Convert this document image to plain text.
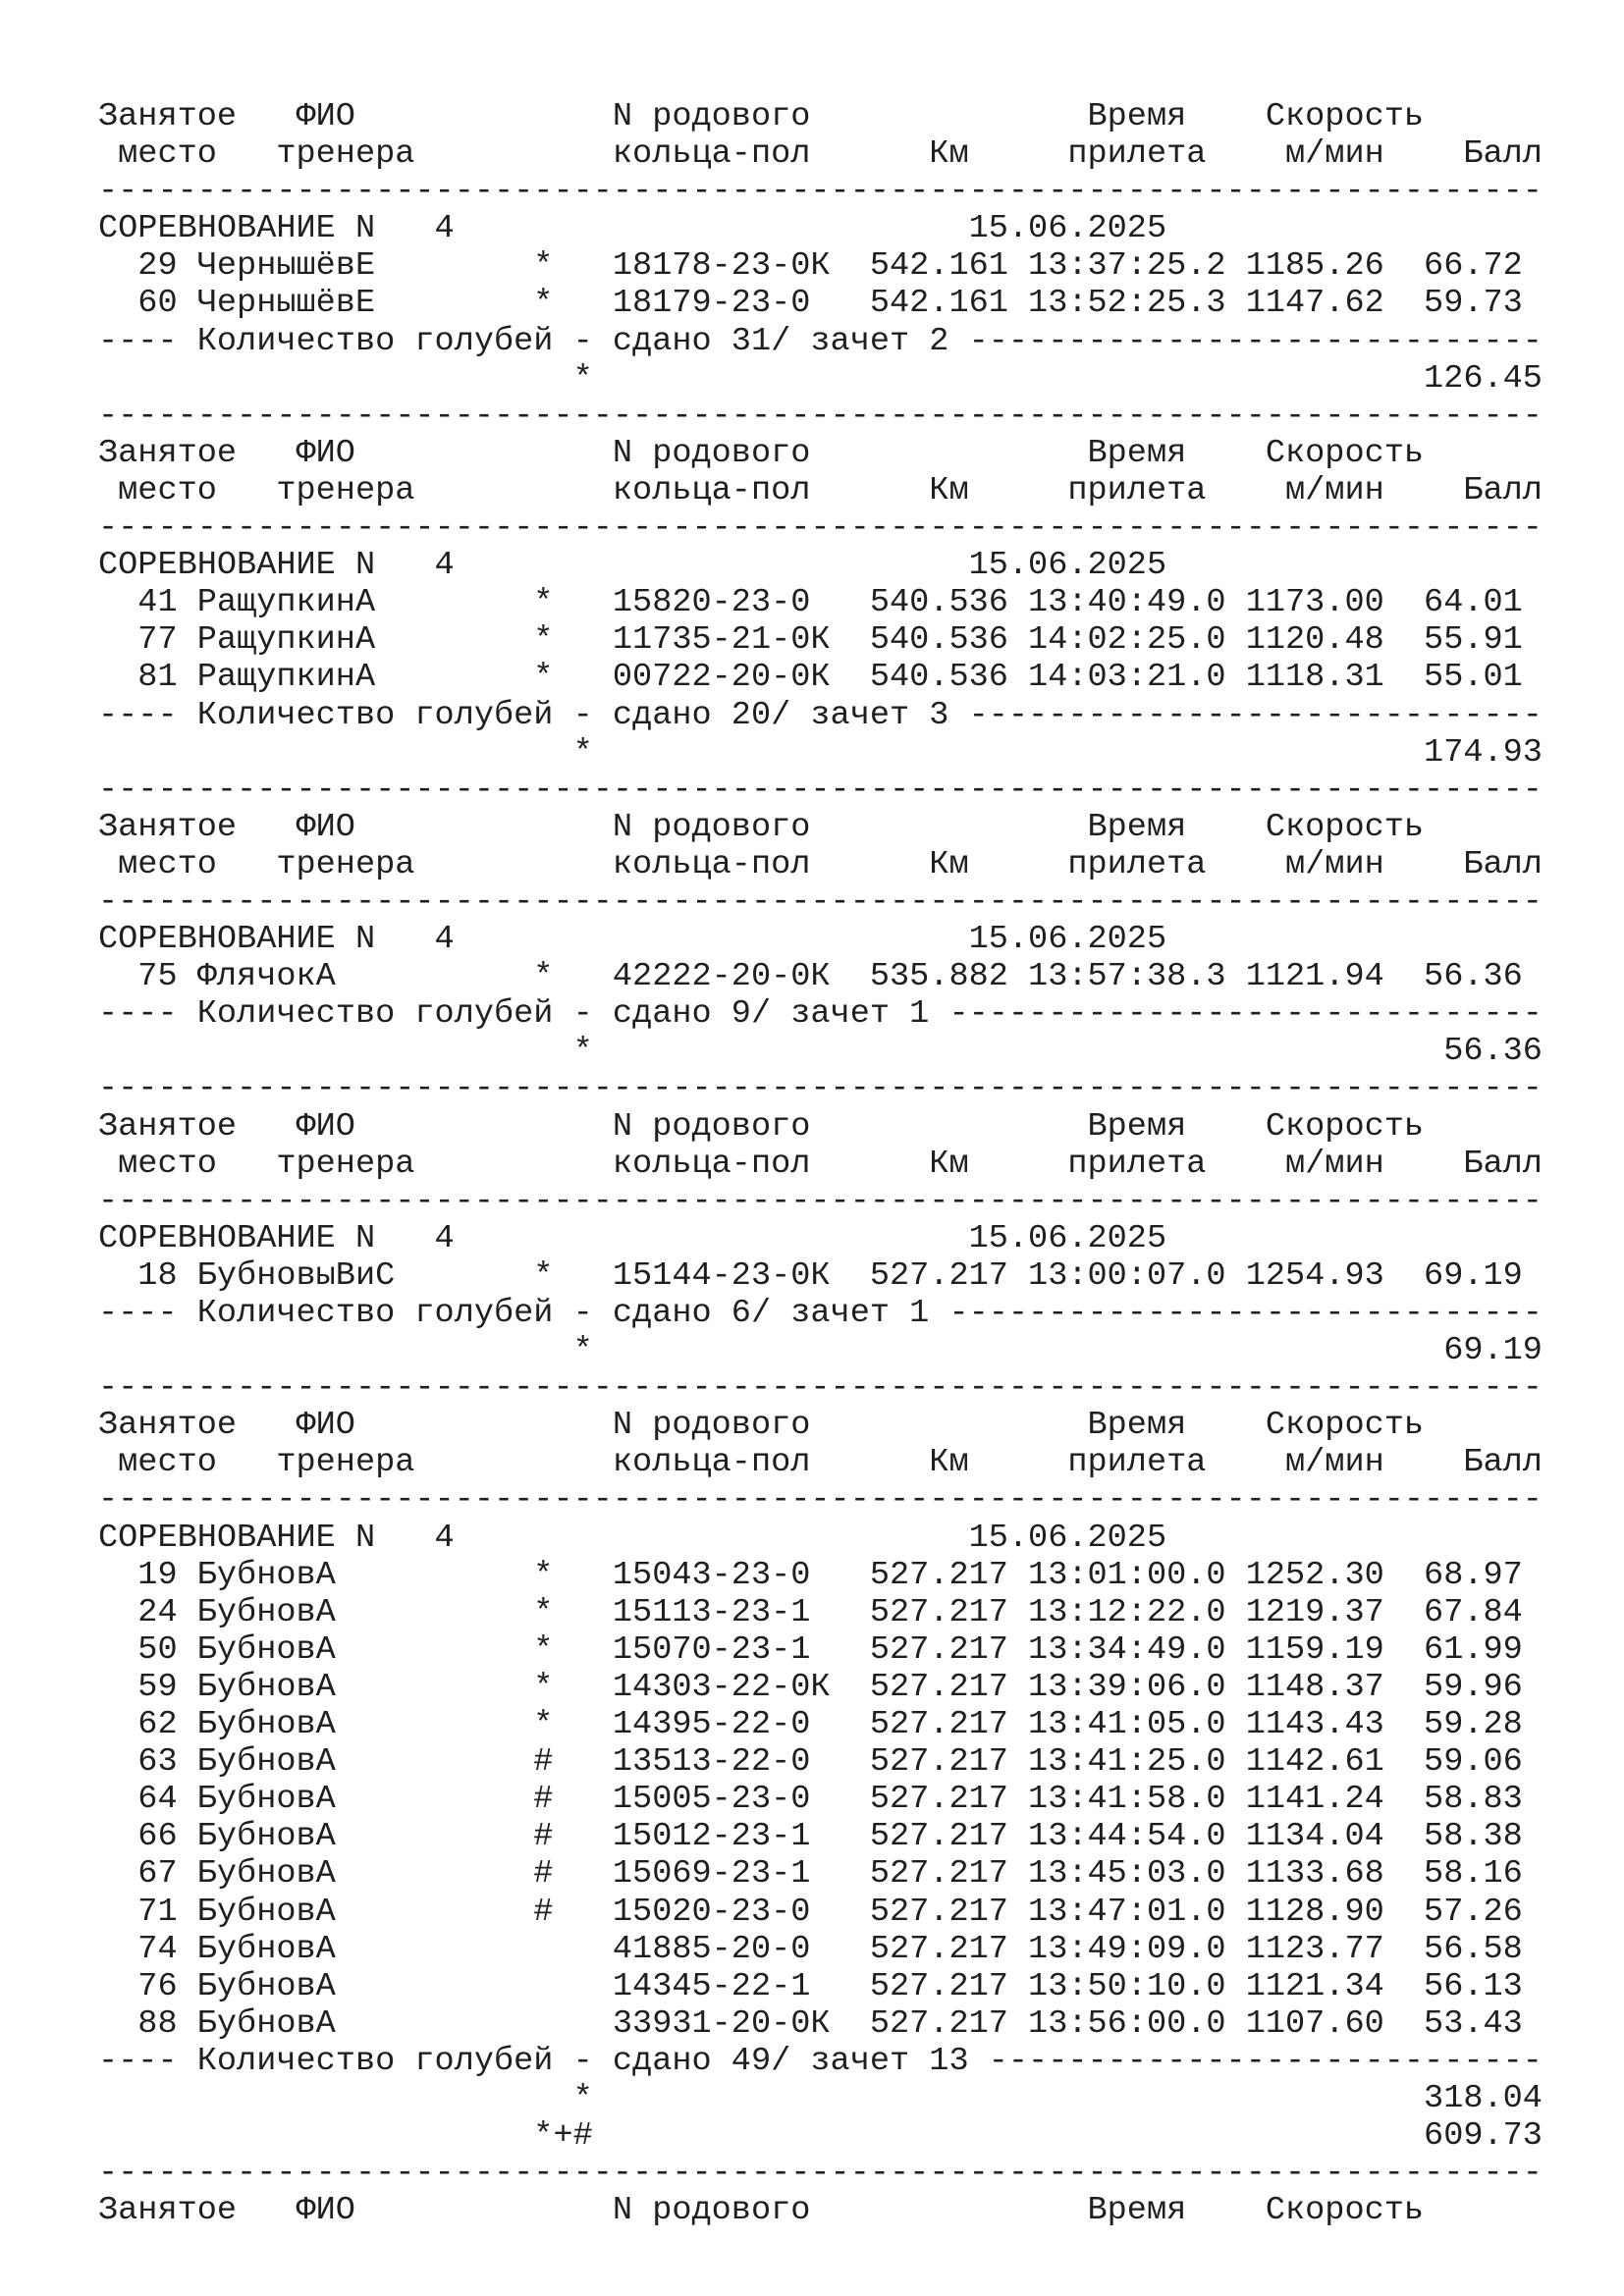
Занятое   ФИО             N родового              Время    Скорость
место   тренера          кольца-пол      Км     прилета    м/мин    Балл
-------------------------------------------------------------------------
СОРЕВНОВАНИЕ N   4                          15.06.2025
29 ЧернышёвЕ        *   18178-23-0К  542.161 13:37:25.2 1185.26  66.72
60 ЧернышёвЕ        *   18179-23-0   542.161 13:52:25.3 1147.62  59.73
---- Количество голубей - сдано 31/ зачет 2 -----------------------------
*                                          126.45
-------------------------------------------------------------------------
Занятое   ФИО             N родового              Время    Скорость
место   тренера          кольца-пол      Км     прилета    м/мин    Балл
-------------------------------------------------------------------------
СОРЕВНОВАНИЕ N   4                          15.06.2025
41 РащупкинА        *   15820-23-0   540.536 13:40:49.0 1173.00  64.01
77 РащупкинА        *   11735-21-0К  540.536 14:02:25.0 1120.48  55.91
81 РащупкинА        *   00722-20-0К  540.536 14:03:21.0 1118.31  55.01
---- Количество голубей - сдано 20/ зачет 3 -----------------------------
*                                          174.93
-------------------------------------------------------------------------
Занятое   ФИО             N родового              Время    Скорость
место   тренера          кольца-пол      Км     прилета    м/мин    Балл
-------------------------------------------------------------------------
СОРЕВНОВАНИЕ N   4                          15.06.2025
75 ФлячокА          *   42222-20-0К  535.882 13:57:38.3 1121.94  56.36
---- Количество голубей - сдано 9/ зачет 1 ------------------------------
*                                           56.36
-------------------------------------------------------------------------
Занятое   ФИО             N родового              Время    Скорость
место   тренера          кольца-пол      Км     прилета    м/мин    Балл
-------------------------------------------------------------------------
СОРЕВНОВАНИЕ N   4                          15.06.2025
18 БубновыВиС       *   15144-23-0К  527.217 13:00:07.0 1254.93  69.19
---- Количество голубей - сдано 6/ зачет 1 ------------------------------
*                                           69.19
-------------------------------------------------------------------------
Занятое   ФИО             N родового              Время    Скорость
место   тренера          кольца-пол      Км     прилета    м/мин    Балл
-------------------------------------------------------------------------
СОРЕВНОВАНИЕ N   4                          15.06.2025
19 БубновА          *   15043-23-0   527.217 13:01:00.0 1252.30  68.97
24 БубновА          *   15113-23-1   527.217 13:12:22.0 1219.37  67.84
50 БубновА          *   15070-23-1   527.217 13:34:49.0 1159.19  61.99
59 БубновА          *   14303-22-0К  527.217 13:39:06.0 1148.37  59.96
62 БубновА          *   14395-22-0   527.217 13:41:05.0 1143.43  59.28
63 БубновА          #   13513-22-0   527.217 13:41:25.0 1142.61  59.06
64 БубновА          #   15005-23-0   527.217 13:41:58.0 1141.24  58.83
66 БубновА          #   15012-23-1   527.217 13:44:54.0 1134.04  58.38
67 БубновА          #   15069-23-1   527.217 13:45:03.0 1133.68  58.16
71 БубновА          #   15020-23-0   527.217 13:47:01.0 1128.90  57.26
74 БубновА              41885-20-0   527.217 13:49:09.0 1123.77  56.58
76 БубновА              14345-22-1   527.217 13:50:10.0 1121.34  56.13
88 БубновА              33931-20-0К  527.217 13:56:00.0 1107.60  53.43
---- Количество голубей - сдано 49/ зачет 13 ----------------------------
*                                          318.04
*+#                                          609.73
-------------------------------------------------------------------------
Занятое   ФИО             N родового              Время    Скорость
